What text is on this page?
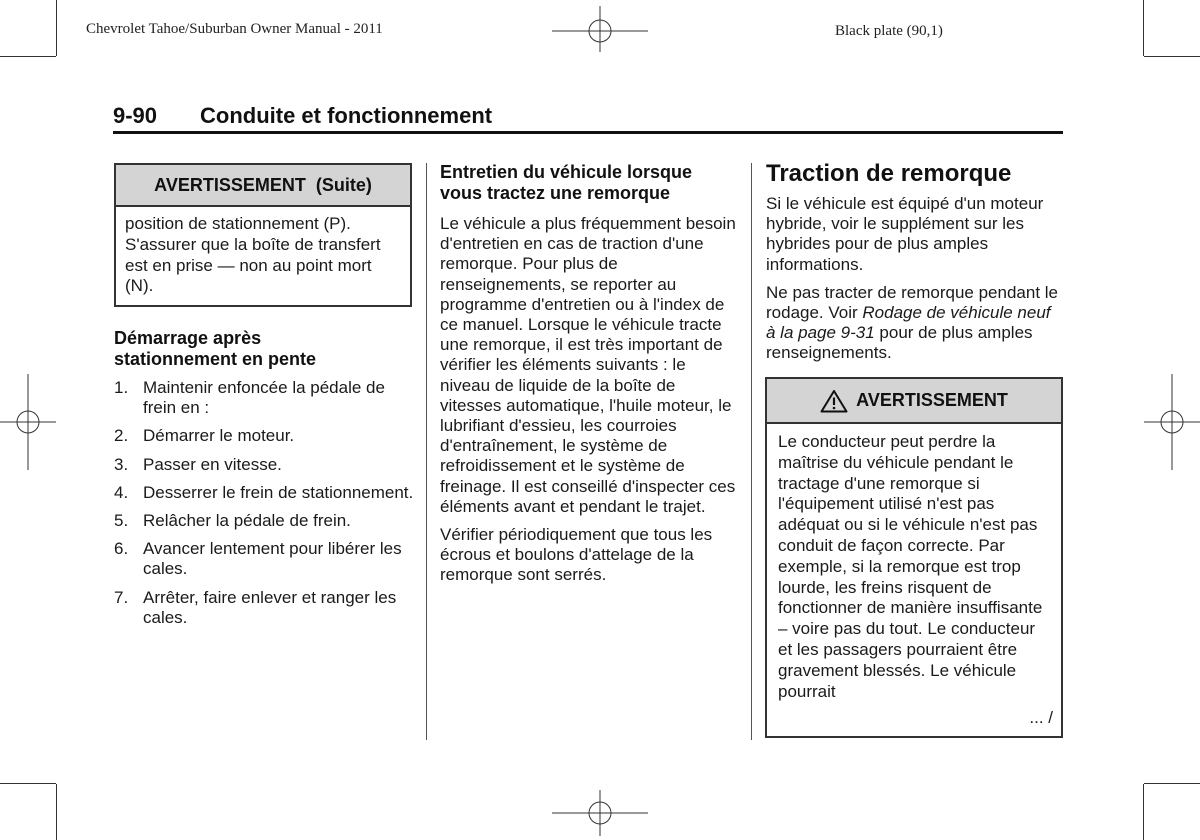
Chevrolet Tahoe/Suburban Owner Manual - 2011	Black plate (90,1)
9-90 Conduite et fonctionnement
AVERTISSEMENT  (Suite)
position de stationnement (P). S'assurer que la boîte de transfert est en prise — non au point mort (N).
Démarrage après stationnement en pente
1. Maintenir enfoncée la pédale de frein en :
2. Démarrer le moteur.
3. Passer en vitesse.
4. Desserrer le frein de stationnement.
5. Relâcher la pédale de frein.
6. Avancer lentement pour libérer les cales.
7. Arrêter, faire enlever et ranger les cales.
Entretien du véhicule lorsque vous tractez une remorque

Le véhicule a plus fréquemment besoin d'entretien en cas de traction d'une remorque. Pour plus de renseignements, se reporter au programme d'entretien ou à l'index de ce manuel. Lorsque le véhicule tracte une remorque, il est très important de vérifier les éléments suivants : le niveau de liquide de la boîte de vitesses automatique, l'huile moteur, le lubrifiant d'essieu, les courroies d'entraînement, le système de refroidissement et le système de freinage. Il est conseillé d'inspecter ces éléments avant et pendant le trajet.

Vérifier périodiquement que tous les écrous et boulons d'attelage de la remorque sont serrés.

Traction de remorque

Si le véhicule est équipé d'un moteur hybride, voir le supplément sur les hybrides pour de plus amples informations.

Ne pas tracter de remorque pendant le rodage. Voir Rodage de véhicule neuf à la page 9-31 pour de plus amples renseignements.

AVERTISSEMENT
Le conducteur peut perdre la maîtrise du véhicule pendant le tractage d'une remorque si l'équipement utilisé n'est pas adéquat ou si le véhicule n'est pas conduit de façon correcte. Par exemple, si la remorque est trop lourde, les freins risquent de fonctionner de manière insuffisante – voire pas du tout. Le conducteur et les passagers pourraient être gravement blessés. Le véhicule pourrait
... /
